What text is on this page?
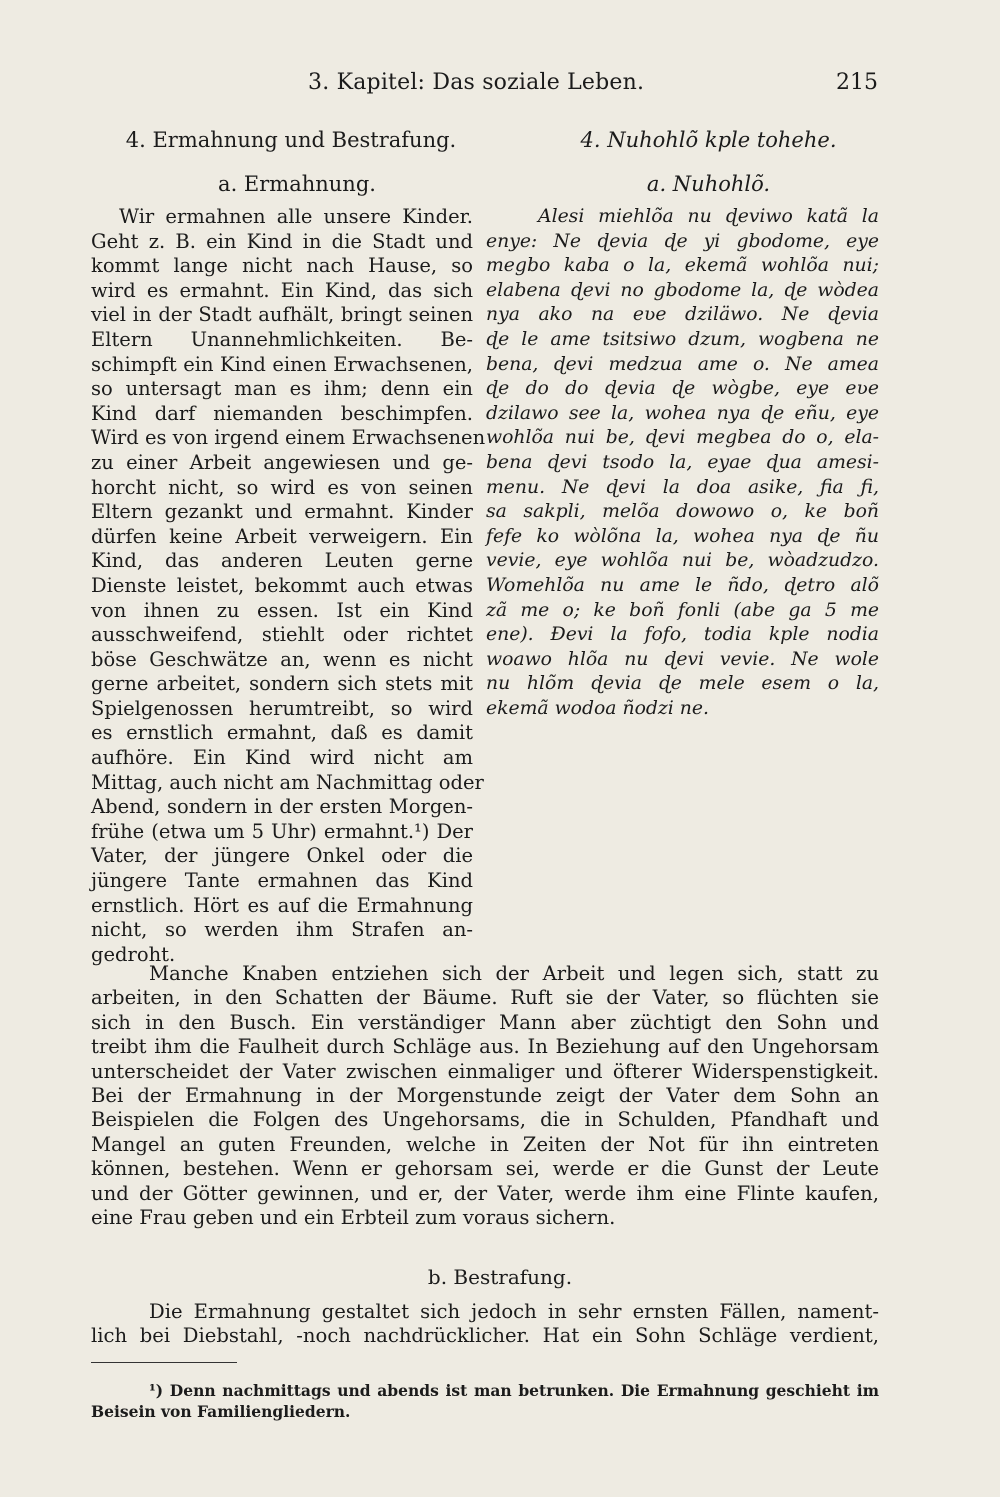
3. Kapitel: Das soziale Leben.	215
4. Ermahnung und Bestrafung.
a. Ermahnung.
Wir ermahnen alle unsere Kinder.
Geht z. B. ein Kind in die Stadt und
kommt lange nicht nach Hause, so
wird es ermahnt. Ein Kind, das sich
viel in der Stadt aufhält, bringt seinen
Eltern Unannehmlichkeiten. Be-
schimpft ein Kind einen Erwachsenen,
so untersagt man es ihm; denn ein
Kind darf niemanden beschimpfen.
Wird es von irgend einem Erwachsenen
zu einer Arbeit angewiesen und ge-
horcht nicht, so wird es von seinen
Eltern gezankt und ermahnt. Kinder
dürfen keine Arbeit verweigern. Ein
Kind, das anderen Leuten gerne
Dienste leistet, bekommt auch etwas
von ihnen zu essen. Ist ein Kind
ausschweifend, stiehlt oder richtet
böse Geschwätze an, wenn es nicht
gerne arbeitet, sondern sich stets mit
Spielgenossen herumtreibt, so wird
es ernstlich ermahnt, daß es damit
aufhöre. Ein Kind wird nicht am
Mittag, auch nicht am Nachmittag oder
Abend, sondern in der ersten Morgen-
frühe (etwa um 5 Uhr) ermahnt.¹) Der
Vater, der jüngere Onkel oder die
jüngere Tante ermahnen das Kind
ernstlich. Hört es auf die Ermahnung
nicht, so werden ihm Strafen an-
gedroht.
4. Nuhohlõ kple tohehe.
a. Nuhohlõ.
Alesi miehlõa nu ɖeviwo katã la
enye: Ne ɖevia ɖe yi gbodome, eye
megbo kaba o la, ekemã wohlõa nui;
elabena ɖevi no gbodome la, ɖe wòdea
nya ako na eʋe dziläwo. Ne ɖevia
ɖe le ame tsitsiwo dzum, wogbena ne
bena, ɖevi medzua ame o. Ne amea
ɖe do do ɖevia ɖe wògbe, eye eʋe
dzilawo see la, wohea nya ɖe eñu, eye
wohlõa nui be, ɖevi megbea do o, ela-
bena ɖevi tsodo la, eyae ɖua amesi-
menu. Ne ɖevi la doa asike, ƒia ƒi,
sa sakpli, melõa dowowo o, ke boñ
fefe ko wòlõna la, wohea nya ɖe ñu
vevie, eye wohlõa nui be, wòadzudzo.
Womehlõa nu ame le ñdo, ɖetro alõ
zã me o; ke boñ fonli (abe ga 5 me
ene). Ɖevi la fofo, todia kple nodia
woawo hlõa nu ɖevi vevie. Ne wole
nu hlõm ɖevia ɖe mele esem o la,
ekemã wodoa ñodzi ne.
Manche Knaben entziehen sich der Arbeit und legen sich, statt zu
arbeiten, in den Schatten der Bäume. Ruft sie der Vater, so flüchten sie
sich in den Busch. Ein verständiger Mann aber züchtigt den Sohn und
treibt ihm die Faulheit durch Schläge aus. In Beziehung auf den Ungehorsam
unterscheidet der Vater zwischen einmaliger und öfterer Widerspenstigkeit.
Bei der Ermahnung in der Morgenstunde zeigt der Vater dem Sohn an
Beispielen die Folgen des Ungehorsams, die in Schulden, Pfandhaft und
Mangel an guten Freunden, welche in Zeiten der Not für ihn eintreten
können, bestehen. Wenn er gehorsam sei, werde er die Gunst der Leute
und der Götter gewinnen, und er, der Vater, werde ihm eine Flinte kaufen,
eine Frau geben und ein Erbteil zum voraus sichern.
b. Bestrafung.
Die Ermahnung gestaltet sich jedoch in sehr ernsten Fällen, nament-
lich bei Diebstahl, -noch nachdrücklicher. Hat ein Sohn Schläge verdient,
¹) Denn nachmittags und abends ist man betrunken. Die Ermahnung geschieht im
Beisein von Familiengliedern.
